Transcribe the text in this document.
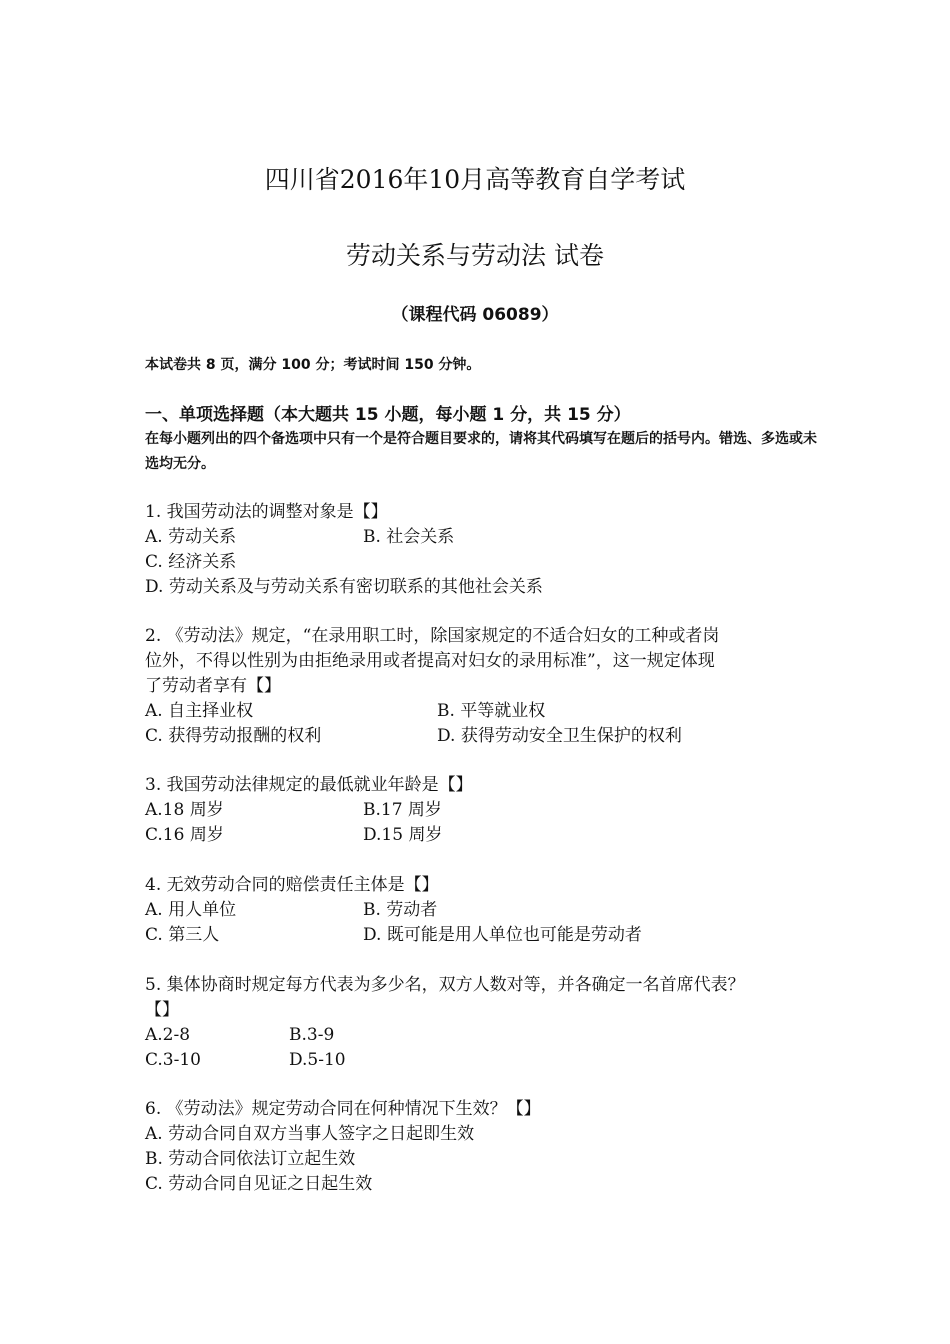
四川省2016年10月高等教育自学考试
劳动关系与劳动法 试卷
（课程代码 06089）
本试卷共 8 页，满分 100 分；考试时间 150 分钟。
一、单项选择题（本大题共 15 小题，每小题 1 分，共 15 分）
在每小题列出的四个备选项中只有一个是符合题目要求的，请将其代码填写在题后的括号内。错选、多选或未选均无分。
1. 我国劳动法的调整对象是【】
A. 劳动关系	B. 社会关系
C. 经济关系
D. 劳动关系及与劳动关系有密切联系的其他社会关系
2. 《劳动法》规定，“在录用职工时，除国家规定的不适合妇女的工种或者岗
位外，不得以性别为由拒绝录用或者提高对妇女的录用标准”，这一规定体现
了劳动者享有【】
A. 自主择业权	B. 平等就业权
C. 获得劳动报酬的权利	D. 获得劳动安全卫生保护的权利
3. 我国劳动法律规定的最低就业年龄是【】
A.18 周岁	B.17 周岁
C.16 周岁	D.15 周岁
4. 无效劳动合同的赔偿责任主体是【】
A. 用人单位	B. 劳动者
C. 第三人	D. 既可能是用人单位也可能是劳动者
5. 集体协商时规定每方代表为多少名，双方人数对等，并各确定一名首席代表？
【】
A.2-8	B.3-9
C.3-10	D.5-10
6. 《劳动法》规定劳动合同在何种情况下生效？【】
A. 劳动合同自双方当事人签字之日起即生效
B. 劳动合同依法订立起生效
C. 劳动合同自见证之日起生效
